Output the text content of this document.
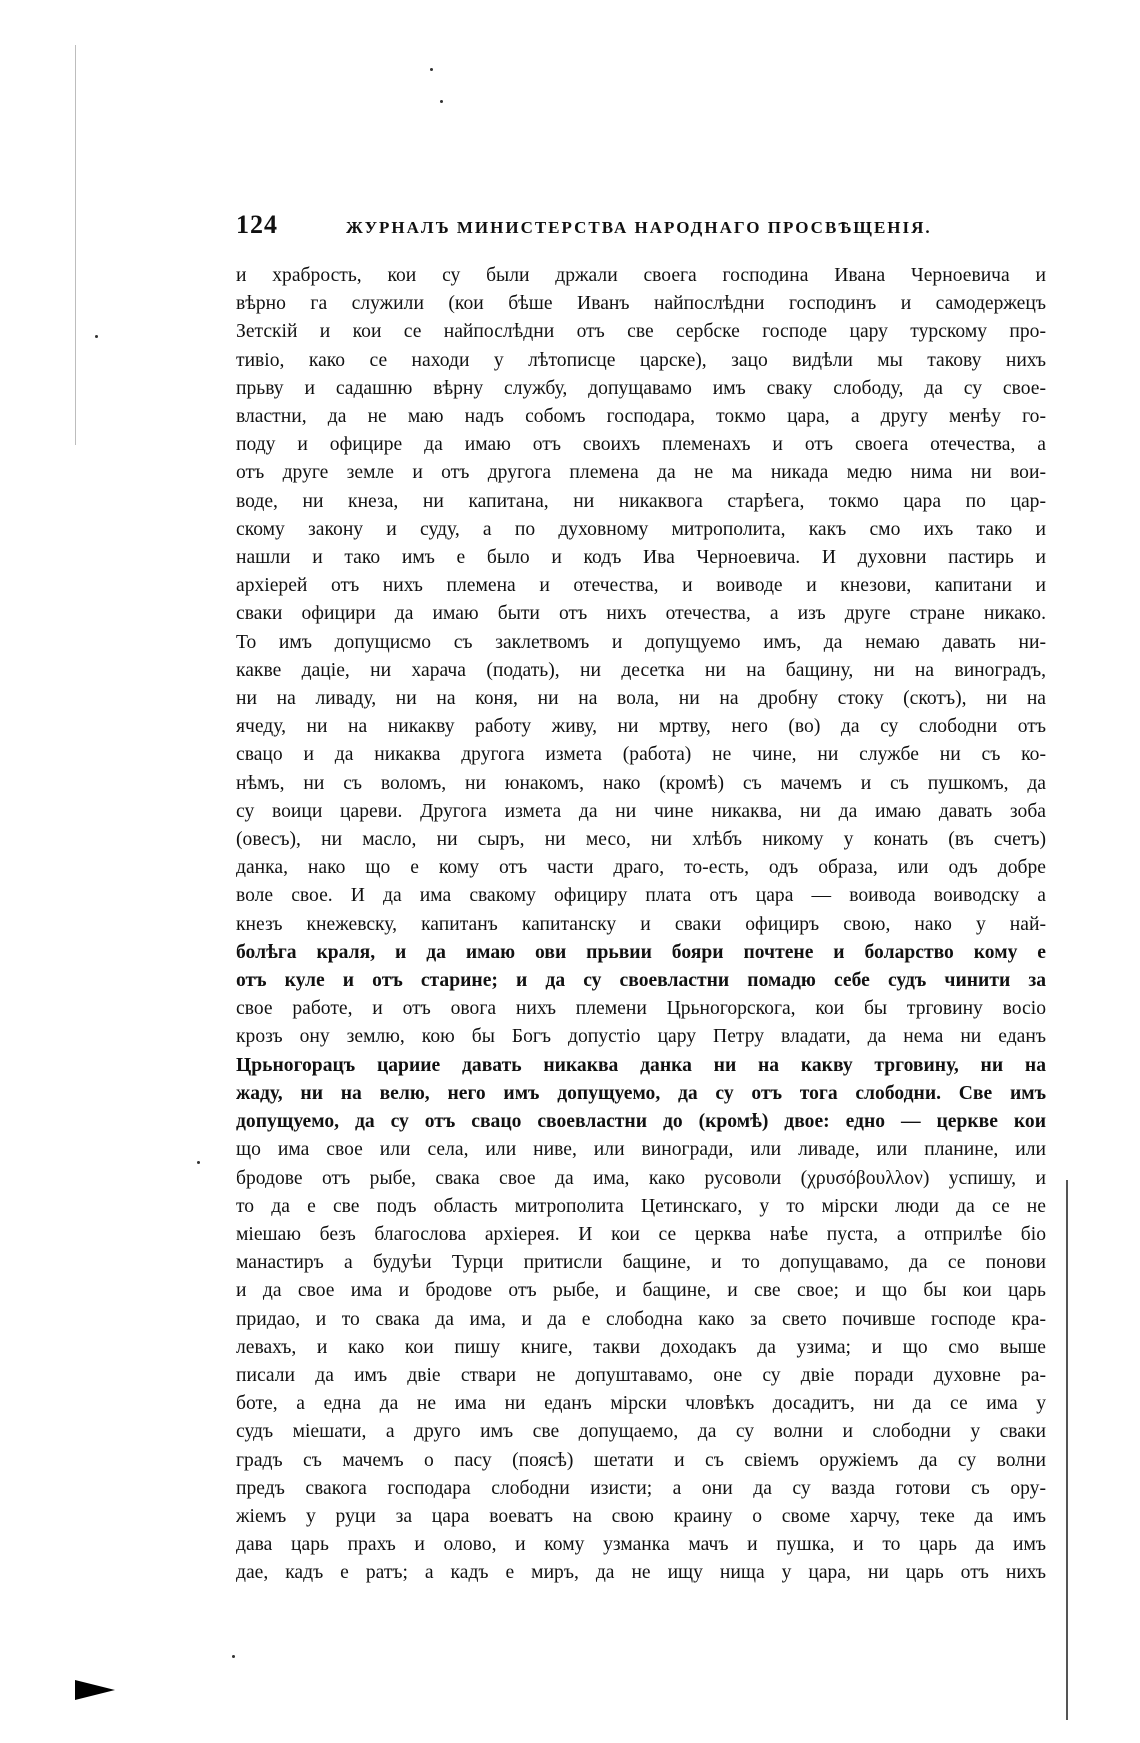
124	ЖУРНАЛЪ МИНИСТЕРСТВА НАРОДНАГО ПРОСВѢЩЕНІЯ.
и храбрость, кои су были држали своега господина Ивана Черноевича и
вѣрно га служили (кои бѣше Иванъ найпослѣдни господинъ и самодержецъ
Зетскій и кои се найпослѣдни отъ све сербске господе цару турскому про-
тивіо, како се находи у лѣтописце царске), зацо видѣли мы такову нихъ
прьву и садашню вѣрну службу, допущавамо имъ свaку слободу, да су свое-
властни, да не маю надъ собомъ господара, токмо цара, а другу менѣу го-
поду и официре да имаю отъ своихъ племенахъ и отъ своега отечества, а
отъ друге земле и отъ другога племена да не ма никада медю нима ни вои-
воде, ни кнеза, ни капитана, ни никаквога старѣега, токмо цара по цар-
скому закону и суду, а по духовному митрополита, какъ смо ихъ тако и
нашли и тако имъ е было и кодъ Ива Черноевича. И духовни пастирь и
архіерей отъ нихъ племена и отечества, и воиводе и кнезови, капитани и
сваки официри да имаю быти отъ нихъ отечества, а изъ друге стране никако.
То имъ допущисмо съ заклетвомъ и допущуемо имъ, да немаю давать ни-
какве даціе, ни харача (подать), ни десетка ни на бащину, ни на виноградъ,
ни на ливаду, ни на коня, ни на вола, ни на дробну стоку (скотъ), ни на
ячеду, ни на никакву работу живу, ни мртву, него (во) да су слободни отъ
свацо и да никаква другога измета (работа) не чине, ни службе ни съ ко-
нѣмъ, ни съ воломъ, ни юнакомъ, нако (кромѣ) съ мачемъ и съ пушкомъ, да
су воици цареви. Другога измета да ни чине никаква, ни да имаю давать зоба
(овесъ), ни масло, ни сыръ, ни месо, ни хлѣбъ никому у конать (въ счетъ)
данка, нако що е кому отъ части драго, то-есть, одъ образа, или одъ добре
воле свое. И да има свакому официру плата отъ цара — воивода воиводску а
кнезъ кнежевску, капитанъ капитанску и сваки официръ свою, нако у най-
болѣга краля, и да имаю ови прьвии бояри почтене и боларство кому е
отъ куле и отъ старине; и да су своевластни помадю себе судъ чинити за
свое работе, и отъ овога нихъ племени Црьногорскога, кои бы трговину восіо
крозъ ону землю, кою бы Богъ допустіо цару Петру владати, да нема ни еданъ
Црьногорацъ цариие давать никаква данка ни на какву трговину, ни на
жаду, ни на велю, него имъ допущуемо, да су отъ тога слободни. Све имъ
допущуемо, да су отъ свацо своевластни до (кромѣ) двое: едно — церкве кои
що има свое или села, или ниве, или виногради, или ливаде, или планине, или
бродове отъ рыбе, свака свое да има, како русоволи (χρυσόβουλλον) успишу, и
то да е све подъ область митрополита Цетинскаго, у то мірски люди да се не
мiешаю безъ благослова архіерея. И кои се церква наѣе пуста, а отприлѣе біо
манастиръ а будуѣи Турци притисли бащине, и то допущавамо, да се понови
и да свое има и бродове отъ рыбе, и бащине, и све свое; и що бы кои царь
придао, и то свака да има, и да е слободна како за свето почивше господе кра-
левахъ, и како кои пишу книге, такви доходакъ да узима; и що смо выше
писали да имъ двіе ствари не допуштавамо, оне су двіе поради духовне ра-
боте, а една да не има ни еданъ мірски чловѣкъ досадитъ, ни да се има у
судъ міешати, а друго имъ све допущаемо, да су волни и слободни у сваки
градъ съ мачемъ о пасу (поясѣ) шетати и съ свіемъ оружіемъ да су волни
предъ свакога господара слободни изисти; а они да су вазда готови съ ору-
жіемъ у руци за цара воеватъ на свою крaину о своме харчу, теке да имъ
дава царь прахъ и олово, и кому узманка мачъ и пушка, и то царь да имъ
дае, кадъ е ратъ; а кадъ е миръ, да не ищу нища у цара, ни царь отъ нихъ
